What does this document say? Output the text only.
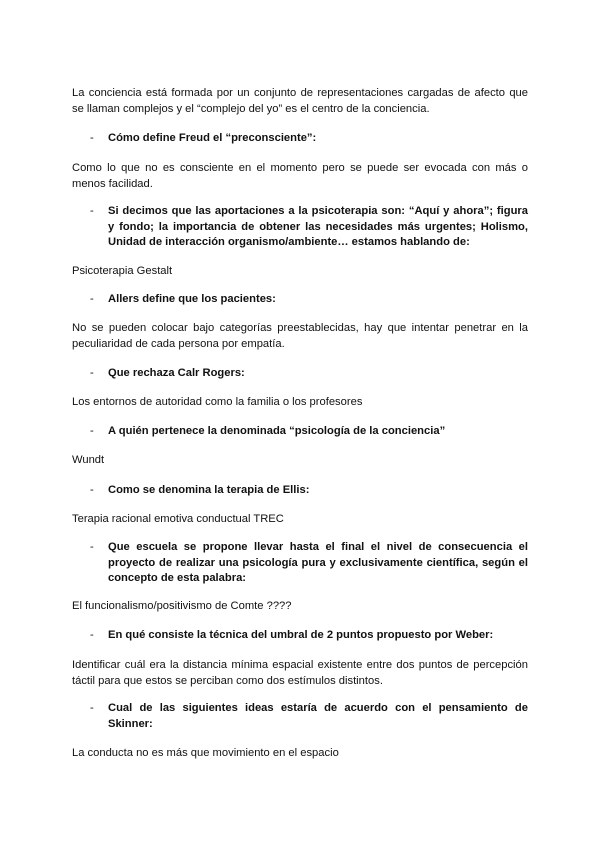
La conciencia está formada por un conjunto de representaciones cargadas de afecto que se llaman complejos y el “complejo del yo” es el centro de la conciencia.
-	Cómo define Freud el “preconsciente”:
Como lo que no es consciente en el momento pero se puede ser evocada con más o menos facilidad.
-	Si decimos que las aportaciones a la psicoterapia son: “Aquí y ahora”; figura y fondo; la importancia de obtener las necesidades más urgentes; Holismo, Unidad de interacción organismo/ambiente… estamos hablando de:
Psicoterapia Gestalt
-	Allers define que los pacientes:
No se pueden colocar bajo categorías preestablecidas, hay que intentar penetrar en la peculiaridad de cada persona por empatía.
-	Que rechaza Calr Rogers:
Los entornos de autoridad como la familia o los profesores
-	A quién pertenece la denominada “psicología de la conciencia”
Wundt
-	Como se denomina la terapia de Ellis:
Terapia racional emotiva conductual TREC
-	Que escuela se propone llevar hasta el final el nivel de consecuencia el proyecto de realizar una psicología pura y exclusivamente científica, según el concepto de esta palabra:
El funcionalismo/positivismo de Comte ????
-	En qué consiste la técnica del umbral de 2 puntos propuesto por Weber:
Identificar cuál era la distancia mínima espacial existente entre dos puntos de percepción táctil para que estos se perciban como dos estímulos distintos.
-	Cual de las siguientes ideas estaría de acuerdo con el pensamiento de Skinner:
La conducta no es más que movimiento en el espacio
